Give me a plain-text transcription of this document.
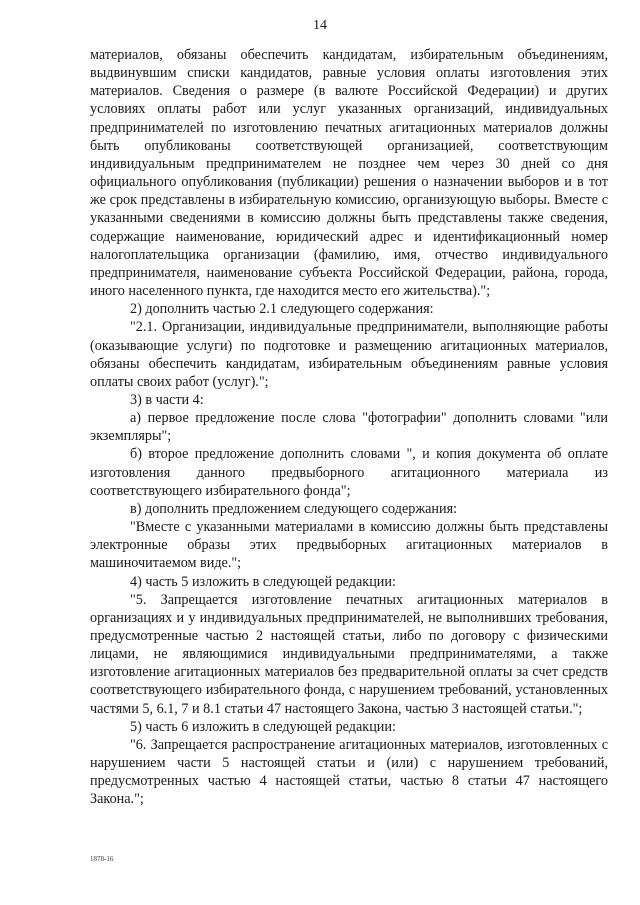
14

материалов, обязаны обеспечить кандидатам, избирательным объединениям, выдвинувшим списки кандидатов, равные условия оплаты изготовления этих материалов. Сведения о размере (в валюте Российской Федерации) и других условиях оплаты работ или услуг указанных организаций, индивидуальных предпринимателей по изготовлению печатных агитационных материалов должны быть опубликованы соответствующей организацией, соответствующим индивидуальным предпринимателем не позднее чем через 30 дней со дня официального опубликования (публикации) решения о назначении выборов и в тот же срок представлены в избирательную комиссию, организующую выборы. Вместе с указанными сведениями в комиссию должны быть представлены также сведения, содержащие наименование, юридический адрес и идентификационный номер налогоплательщика организации (фамилию, имя, отчество индивидуального предпринимателя, наименование субъекта Российской Федерации, района, города, иного населенного пункта, где находится место его жительства).";

2) дополнить частью 2.1 следующего содержания:

"2.1. Организации, индивидуальные предприниматели, выполняющие работы (оказывающие услуги) по подготовке и размещению агитационных материалов, обязаны обеспечить кандидатам, избирательным объединениям равные условия оплаты своих работ (услуг).";

3) в части 4:

а) первое предложение после слова "фотографии" дополнить словами "или экземпляры";

б) второе предложение дополнить словами ", и копия документа об оплате изготовления данного предвыборного агитационного материала из соответствующего избирательного фонда";

в) дополнить предложением следующего содержания:

"Вместе с указанными материалами в комиссию должны быть представлены электронные образы этих предвыборных агитационных материалов в машиночитаемом виде.";

4) часть 5 изложить в следующей редакции:

"5. Запрещается изготовление печатных агитационных материалов в организациях и у индивидуальных предпринимателей, не выполнивших требования, предусмотренные частью 2 настоящей статьи, либо по договору с физическими лицами, не являющимися индивидуальными предпринимателями, а также изготовление агитационных материалов без предварительной оплаты за счет средств соответствующего избирательного фонда, с нарушением требований, установленных частями 5, 6.1, 7 и 8.1 статьи 47 настоящего Закона, частью 3 настоящей статьи.";

5) часть 6 изложить в следующей редакции:

"6. Запрещается распространение агитационных материалов, изготовленных с нарушением части 5 настоящей статьи и (или) с нарушением требований, предусмотренных частью 4 настоящей статьи, частью 8 статьи 47 настоящего Закона.";

1878-16
